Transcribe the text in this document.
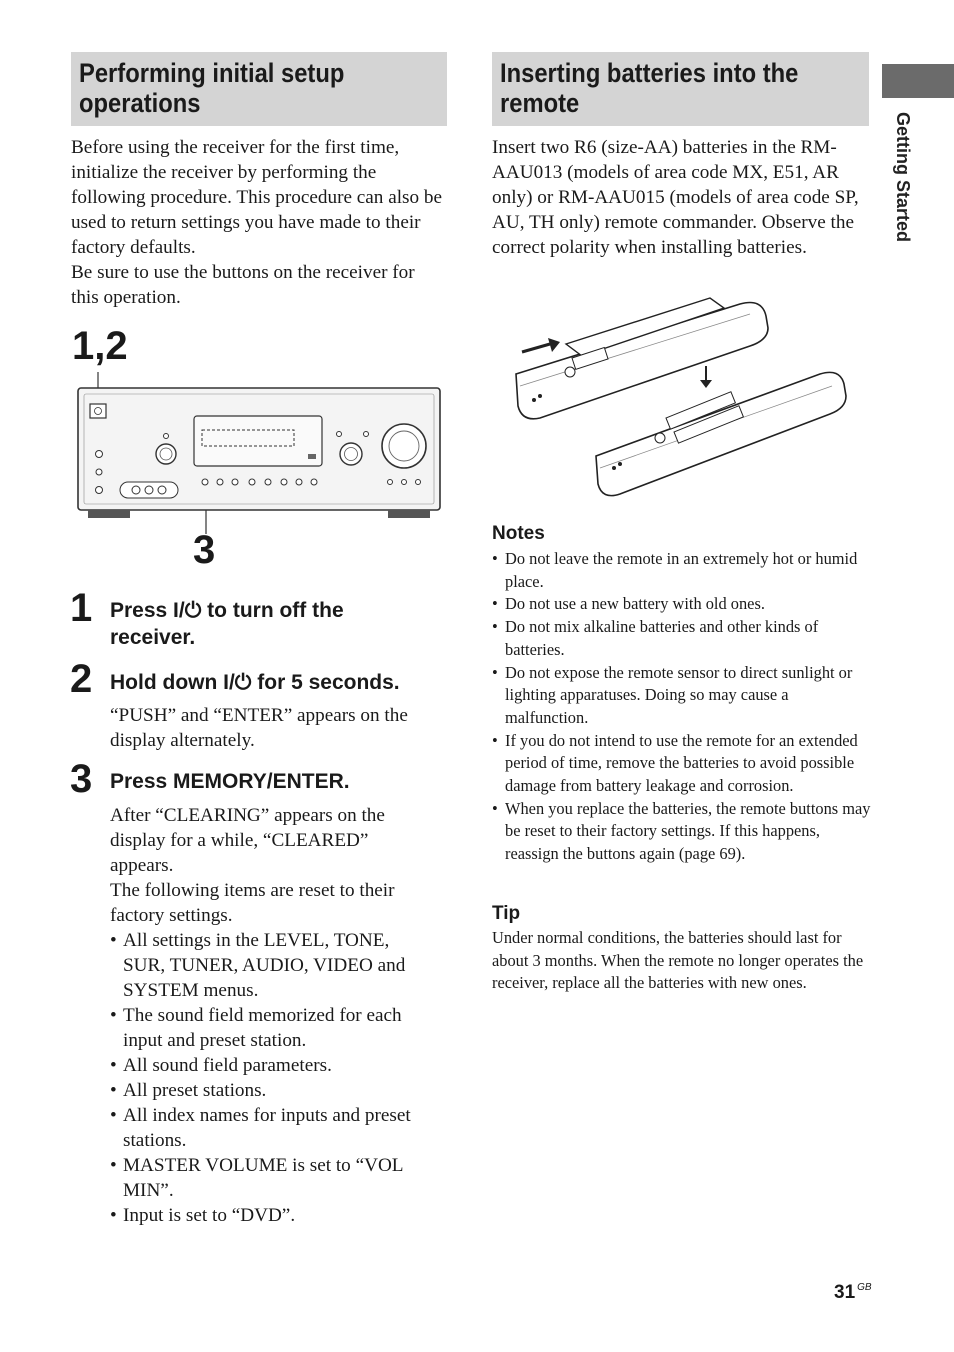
Getting Started
Performing initial setup operations

Before using the receiver for the first time, initialize the receiver by performing the following procedure. This procedure can also be used to return settings you have made to their factory defaults.

Be sure to use the buttons on the receiver for this operation.

1,2
3
1 Press I/⏻ to turn off the receiver.
2 Hold down I/⏻ for 5 seconds.
“PUSH” and “ENTER” appears on the display alternately.
3 Press MEMORY/ENTER.

After “CLEARING” appears on the display for a while, “CLEARED” appears.

The following items are reset to their factory settings.

• All settings in the LEVEL, TONE, SUR, TUNER, AUDIO, VIDEO and SYSTEM menus.
• The sound field memorized for each input and preset station.
• All sound field parameters.
• All preset stations.
• All index names for inputs and preset stations.
• MASTER VOLUME is set to “VOL MIN”.
• Input is set to “DVD”.
Inserting batteries into the remote
Insert two R6 (size-AA) batteries in the RM-AAU013 (models of area code MX, E51, AR only) or RM-AAU015 (models of area code SP, AU, TH only) remote commander. Observe the correct polarity when installing batteries.
Notes
• Do not leave the remote in an extremely hot or humid place.
• Do not use a new battery with old ones.
• Do not mix alkaline batteries and other kinds of batteries.
• Do not expose the remote sensor to direct sunlight or lighting apparatuses. Doing so may cause a malfunction.
• If you do not intend to use the remote for an extended period of time, remove the batteries to avoid possible damage from battery leakage and corrosion.
• When you replace the batteries, the remote buttons may be reset to their factory settings. If this happens, reassign the buttons again (page 69).
Tip
Under normal conditions, the batteries should last for about 3 months. When the remote no longer operates the receiver, replace all the batteries with new ones.
31 $^{GB}$
